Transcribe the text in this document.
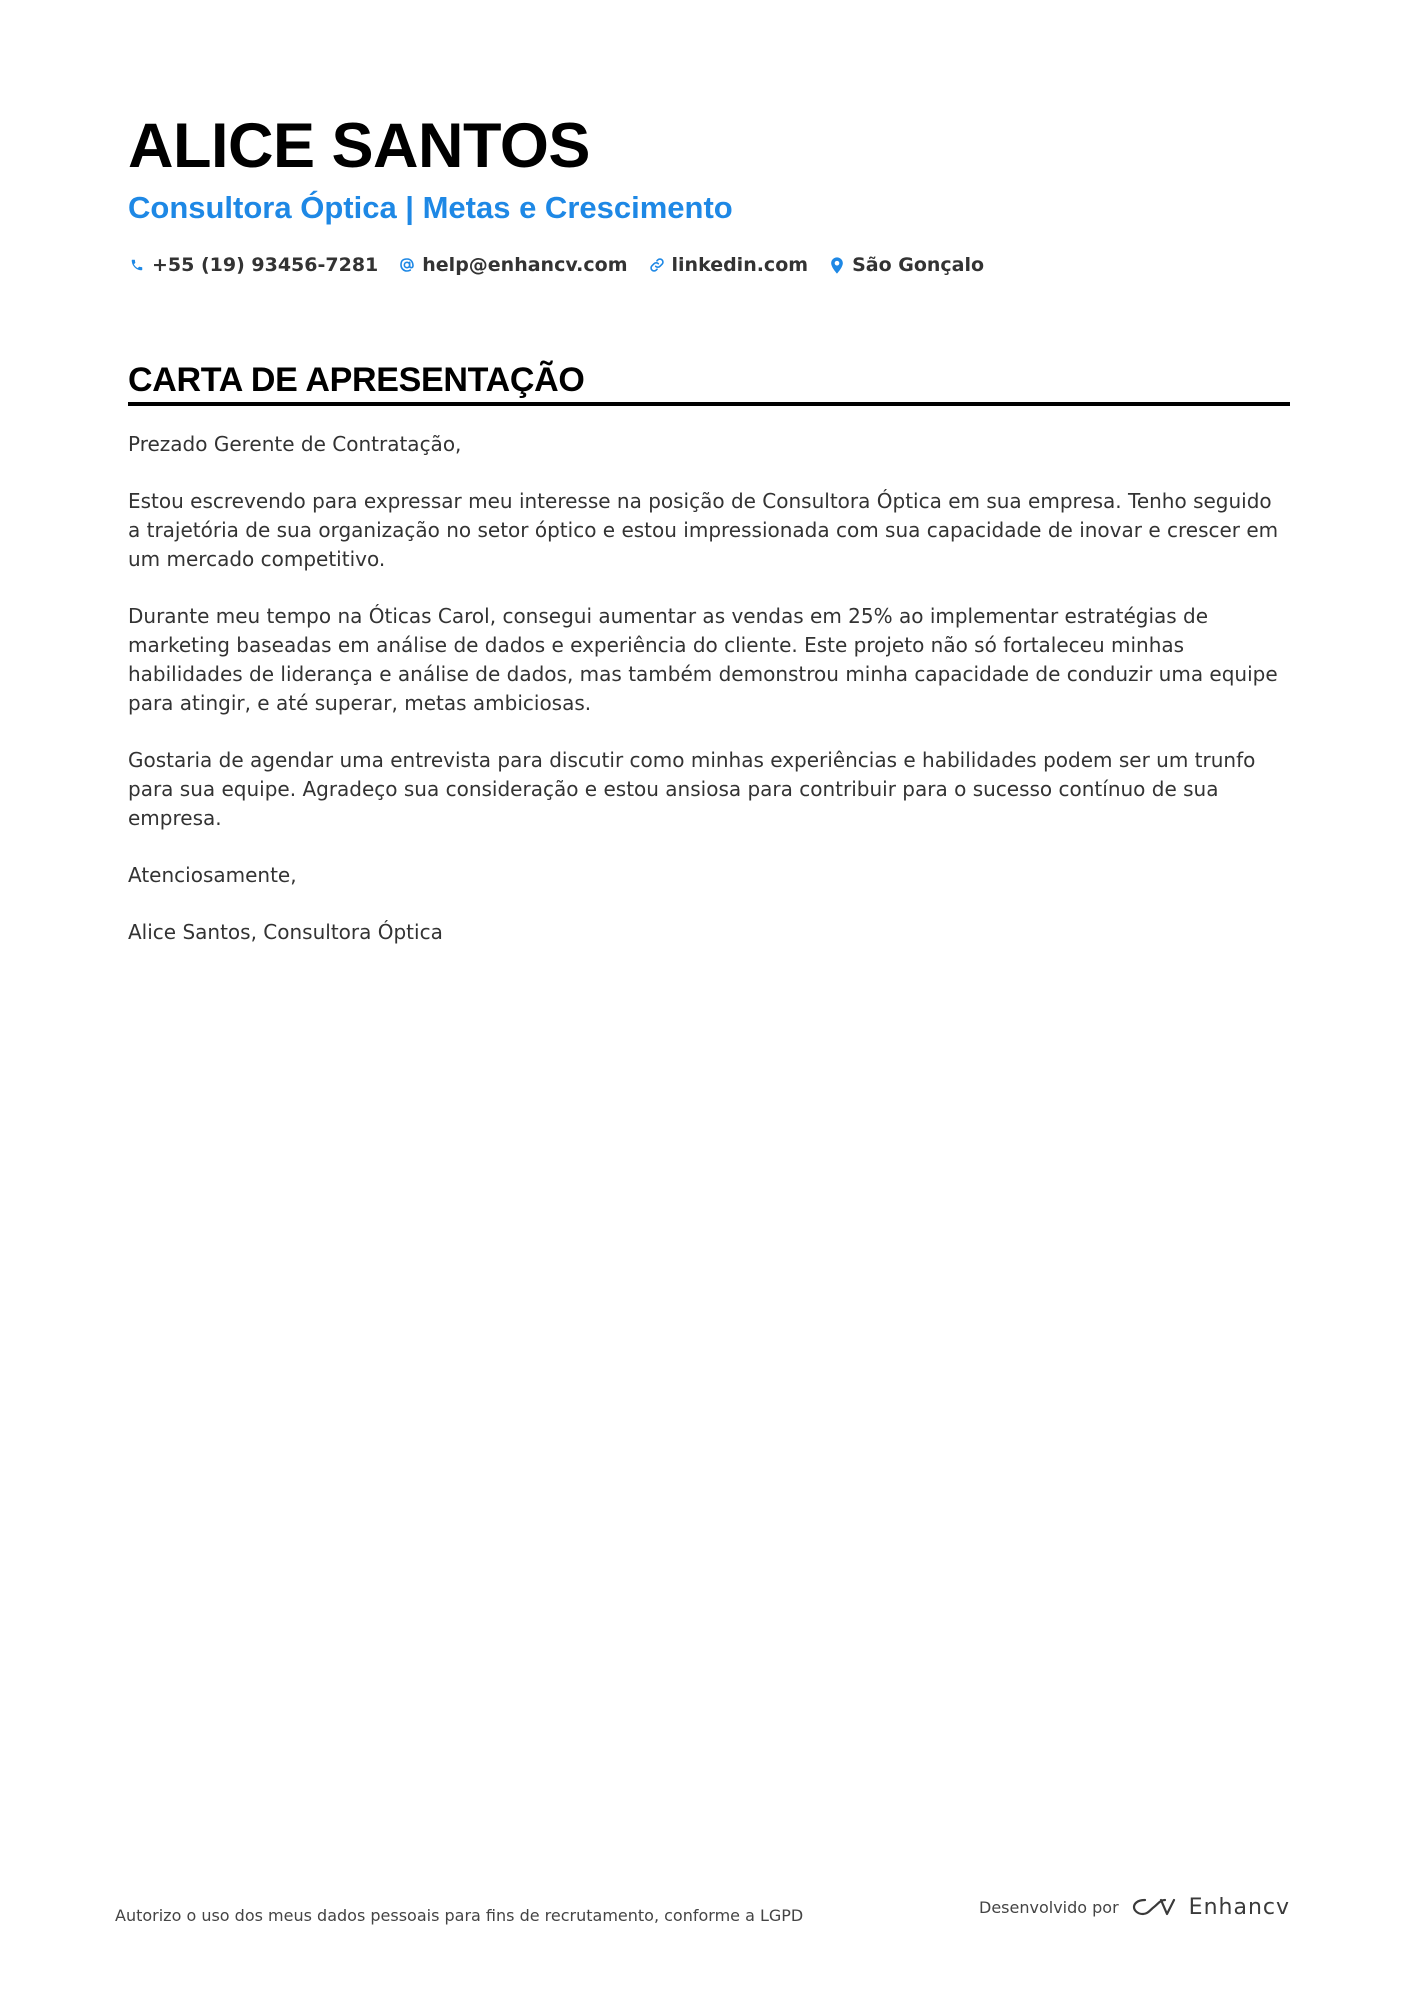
ALICE SANTOS
Consultora Óptica | Metas e Crescimento
+55 (19) 93456-7281 help@enhancv.com linkedin.com São Gonçalo
CARTA DE APRESENTAÇÃO

Prezado Gerente de Contratação,

Estou escrevendo para expressar meu interesse na posição de Consultora Óptica em sua empresa. Tenho seguido a trajetória de sua organização no setor óptico e estou impressionada com sua capacidade de inovar e crescer em um mercado competitivo.

Durante meu tempo na Óticas Carol, consegui aumentar as vendas em 25% ao implementar estratégias de marketing baseadas em análise de dados e experiência do cliente. Este projeto não só fortaleceu minhas habilidades de liderança e análise de dados, mas também demonstrou minha capacidade de conduzir uma equipe para atingir, e até superar, metas ambiciosas.

Gostaria de agendar uma entrevista para discutir como minhas experiências e habilidades podem ser um trunfo para sua equipe. Agradeço sua consideração e estou ansiosa para contribuir para o sucesso contínuo de sua empresa.

Atenciosamente,

Alice Santos, Consultora Óptica

Autorizo o uso dos meus dados pessoais para fins de recrutamento, conforme a LGPD	Desenvolvido por	Enhancv
